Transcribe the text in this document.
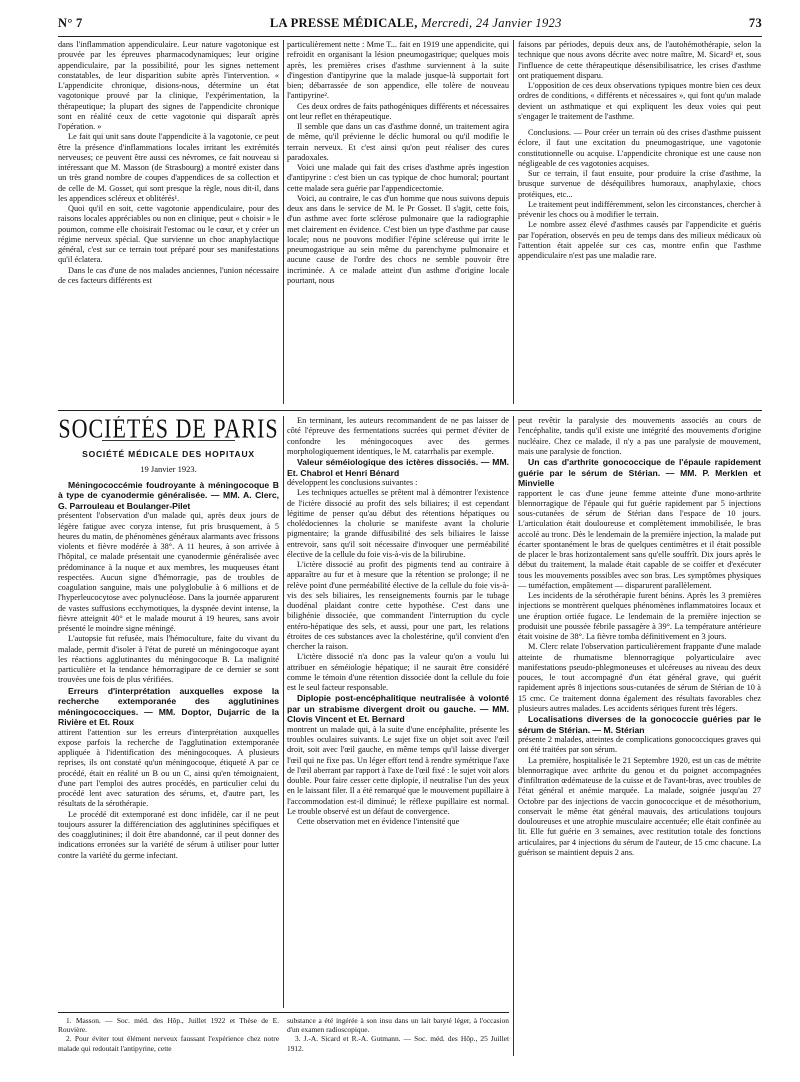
N° 7	LA PRESSE MÉDICALE, Mercredi, 24 Janvier 1923	73

dans l'inflammation appendiculaire. Leur nature vagotonique est prouvée par les épreuves pharmacodynamiques; leur origine appendiculaire, par la possibilité, pour les signes nettement constatables, de leur disparition subite après l'intervention. « L'appendicite chronique, disions-nous, détermine un état vagotonique prouvé par la clinique, l'expérimentation, la thérapeutique; la plupart des signes de l'appendicite chronique sont en réalité ceux de cette vagotonie qui disparaît après l'opération. »

Le fait qui unit sans doute l'appendicite à la vagotonie, ce peut être la présence d'inflammations locales irritant les extrémités nerveuses; ce peuvent être aussi ces névromes, ce fait nouveau si intéressant que M. Masson (de Strasbourg) a montré exister dans un très grand nombre de coupes d'appendices de sa collection et de celle de M. Gosset, qui sont presque la règle, nous dit-il, dans les appendices scléreux et oblitérés¹.

Quoi qu'il en soit, cette vagotonie appendiculaire, pour des raisons locales appréciables ou non en clinique, peut « choisir » le poumon, comme elle choisirait l'estomac ou le cœur, et y créer un régime nerveux spécial. Que survienne un choc anaphylactique général, c'est sur ce terrain tout préparé pour ses manifestations qu'il éclatera.

Dans le cas d'une de nos malades anciennes, l'union nécessaire de ces facteurs différents est

particulièrement nette : Mme T... fait en 1919 une appendicite, qui refroidit en organisant la lésion pneumogastrique; quelques mois après, les premières crises d'asthme surviennent à la suite d'ingestion d'antipyrine que la malade jusque-là supportait fort bien; débarrassée de son appendice, elle tolère de nouveau l'antipyrine².

Ces deux ordres de faits pathogéniques différents et nécessaires ont leur reflet en thérapeutique.

Il semble que dans un cas d'asthme donné, un traitement agira de même, qu'il prévienne le déclic humoral ou qu'il modifie le terrain nerveux. Et c'est ainsi qu'on peut réaliser des cures paradoxales.

Voici une malade qui fait des crises d'asthme après ingestion d'antipyrine : c'est bien un cas typique de choc humoral; pourtant cette malade sera guérie par l'appendicectomie.

Voici, au contraire, le cas d'un homme que nous suivons depuis deux ans dans le service de M. le Pr Gosset. Il s'agit, cette fois, d'un asthme avec forte sclérose pulmonaire que la radiographie met clairement en évidence. C'est bien un type d'asthme par cause locale; nous ne pouvons modifier l'épine scléreuse qui irrite le pneumogastrique au sein même du parenchyme pulmonaire et aucune cause de l'ordre des chocs ne semble pouvoir être incriminée. A ce malade atteint d'un asthme d'origine locale pourtant, nous

faisons par périodes, depuis deux ans, de l'autohémothérapie, selon la technique que nous avons décrite avec notre maître, M. Sicard³ et, sous l'influence de cette thérapeutique désensibilisatrice, les crises d'asthme ont pratiquement disparu.

L'opposition de ces deux observations typiques montre bien ces deux ordres de conditions, « différents et nécessaires », qui font qu'un malade devient un asthmatique et qui expliquent les deux voies qui peut s'engager le traitement de l'asthme.

Conclusions. — Pour créer un terrain où des crises d'asthme puissent éclore, il faut une excitation du pneumogastrique, une vagotonie constitutionnelle ou acquise. L'appendicite chronique est une cause non négligeable de ces vagotonies acquises.

Sur ce terrain, il faut ensuite, pour produire la crise d'asthme, la brusque survenue de déséquilibres humoraux, anaphylaxie, chocs protéiques, etc...

Le traitement peut indifféremment, selon les circonstances, chercher à prévenir les chocs ou à modifier le terrain.

Le nombre assez élevé d'asthmes causés par l'appendicite et guéris par l'opération, observés en peu de temps dans des milieux médicaux où l'attention était appelée sur ces cas, montre enfin que l'asthme appendiculaire n'est pas une maladie rare.

SOCIÉTÉS DE PARIS
SOCIÉTÉ MÉDICALE DES HOPITAUX
19 Janvier 1923.

Méningococcémie foudroyante à méningocoque B à type de cyanodermie généralisée. — MM. A. Clerc, G. Parrouleau et Boulanger-Pilet

présentent l'observation d'un malade qui, après deux jours de légère fatigue avec coryza intense, fut pris brusquement, à 5 heures du matin, de phénomènes généraux alarmants avec frissons violents et fièvre modérée à 38°. A 11 heures, à son arrivée à l'hôpital, ce malade présentait une cyanodermie généralisée avec prédominance à la nuque et aux membres, les muqueuses étant respectées. Aucun signe d'hémorragie, pas de troubles de coagulation sanguine, mais une polyglobulie à 6 millions et de l'hyperleucocytose avec polynucléose. Dans la journée apparurent de vastes suffusions ecchymotiques, la dyspnée devint intense, la fièvre atteignit 40° et le malade mourut à 19 heures, sans avoir présenté le moindre signe méningé.

L'autopsie fut refusée, mais l'hémoculture, faite du vivant du malade, permit d'isoler à l'état de pureté un méningocoque ayant les réactions agglutinantes du méningocoque B. La malignité particulière et la tendance hémorragipare de ce dernier se sont trouvées une fois de plus vérifiées.

Erreurs d'interprétation auxquelles expose la recherche extemporanée des agglutinines méningococciques. — MM. Doptor, Dujarric de la Rivière et Et. Roux

attirent l'attention sur les erreurs d'interprétation auxquelles expose parfois la recherche de l'agglutination extemporanée appliquée à l'identification des méningocoques. A plusieurs reprises, ils ont constaté qu'un méningocoque, étiqueté A par ce procédé, était en réalité un B ou un C, ainsi qu'en témoignaient, d'une part l'emploi des autres procédés, en particulier celui du procédé lent avec saturation des sérums, et, d'autre part, les résultats de la sérothérapie.

Le procédé dit extemporané est donc infidèle, car il ne peut toujours assurer la différenciation des agglutinines spécifiques et des coagglutinines; il doit être abandonné, car il peut donner des indications erronées sur la variété de sérum à utiliser pour lutter contre la variété du germe infectant.

En terminant, les auteurs recommandent de ne pas laisser de côté l'épreuve des fermentations sucrées qui permet d'éviter de confondre les méningocoques avec des germes morphologiquement identiques, le M. catarrhalis par exemple.

Valeur séméiologique des ictères dissociés. — MM. Et. Chabrol et Henri Bénard

développent les conclusions suivantes :

Les techniques actuelles se prêtent mal à démontrer l'existence de l'ictère dissocié au profit des sels biliaires; il est cependant légitime de penser qu'au début des rétentions hépatiques ou cholédociennes la cholurie se manifeste avant la cholurie pigmentaire; la grande diffusibilité des sels biliaires le laisse entrevoir, sans qu'il soit nécessaire d'invoquer une perméabilité élective de la cellule du foie vis-à-vis de la bilirubine.

L'ictère dissocié au profit des pigments tend au contraire à apparaître au fur et à mesure que la rétention se prolonge; il ne relève point d'une perméabilité élective de la cellule du foie vis-à-vis des sels biliaires, les renseignements fournis par le tubage duodénal plaidant contre cette hypothèse. C'est dans une bilighénie dissociée, que commandent l'interruption du cycle entéro-hépatique des sels, et aussi, pour une part, les relations étroites de ces substances avec la cholestérine, qu'il convient d'en chercher la raison.

L'ictère dissocié n'a donc pas la valeur qu'on a voulu lui attribuer en séméiologie hépatique; il ne saurait être considéré comme le témoin d'une rétention dissociée dont la cellule du foie est le seul facteur responsable.

Diplopie post-encéphalitique neutralisée à volonté par un strabisme divergent droit ou gauche. — MM. Clovis Vincent et Et. Bernard

montrent un malade qui, à la suite d'une encéphalite, présente les troubles oculaires suivants. Le sujet fixe un objet soit avec l'œil droit, soit avec l'œil gauche, en même temps qu'il laisse diverger l'œil qui ne fixe pas. Un léger effort tend à rendre symétrique l'axe de l'œil aberrant par rapport à l'axe de l'œil fixé : le sujet voit alors double. Pour faire cesser cette diplopie, il neutralise l'un des yeux en le laissant filer. Il a été remarqué que le mouvement pupillaire à l'accommodation est-il diminué; le réflexe pupillaire est normal. Le trouble observé est un défaut de convergence.

Cette observation met en évidence l'intensité que

peut revêtir la paralysie des mouvements associés au cours de l'encéphalite, tandis qu'il existe une intégrité des mouvements d'origine nucléaire. Chez ce malade, il n'y a pas une paralysie de mouvement, mais une paralysie de fonction.

Un cas d'arthrite gonococcique de l'épaule rapidement guérie par le sérum de Stérian. — MM. P. Merklen et Minvielle

rapportent le cas d'une jeune femme atteinte d'une mono-arthrite blennorragique de l'épaule qui fut guérie rapidement par 5 injections sous-cutanées de sérum de Stérian dans l'espace de 10 jours. L'articulation était douloureuse et complètement immobilisée, le bras accolé au tronc. Dès le lendemain de la première injection, la malade put écarter spontanément le bras de quelques centimètres et il était possible de placer le bras horizontalement sans qu'elle souffrît. Dix jours après le début du traitement, la malade était capable de se coiffer et d'exécuter tous les mouvements possibles avec son bras. Les symptômes physiques — tuméfaction, empâtement — disparurent parallèlement.

Les incidents de la sérothérapie furent bénins. Après les 3 premières injections se montrèrent quelques phénomènes inflammatoires locaux et une éruption ortiée fugace. Le lendemain de la première injection se produisit une poussée fébrile passagère à 39°. La température antérieure était voisine de 38°. La fièvre tomba définitivement en 3 jours.

M. Clerc relate l'observation particulièrement frappante d'une malade atteinte de rhumatisme blennorragique polyarticulaire avec manifestations pseudo-phlegmoneuses et ulcéreuses au niveau des deux pouces, le tout accompagné d'un état général grave, qui guérit rapidement après 8 injections sous-cutanées de sérum de Stérian de 10 à 15 cmc. Ce traitement donna également des résultats favorables chez plusieurs autres malades. Les accidents sériques furent très légers.

Localisations diverses de la gonococcie guéries par le sérum de Stérian. — M. Stérian

présente 2 malades, atteintes de complications gonococciques graves qui ont été traitées par son sérum.

La première, hospitalisée le 21 Septembre 1920, est un cas de métrite blennorragique avec arthrite du genou et du poignet accompagnées d'infiltration œdémateuse de la cuisse et de l'avant-bras, avec troubles de l'état général et anémie marquée. La malade, soignée jusqu'au 27 Octobre par des injections de vaccin gonococcique et de mésothorium, conservait le même état général mauvais, des articulations toujours douloureuses et une atrophie musculaire accentuée; elle était confinée au lit. Elle fut guérie en 3 semaines, avec restitution totale des fonctions articulaires, par 4 injections du sérum de l'auteur, de 15 cmc chacune. La guérison se maintient depuis 2 ans.

1. Masson. — Soc. méd. des Hôp., Juillet 1922 et Thèse de E. Rouvière.

2. Pour éviter tout élément nerveux faussant l'expérience chez notre malade qui redoutait l'antipyrine, cette

substance a été ingérée à son insu dans un lait baryté léger, à l'occasion d'un examen radioscopique.

3. J.-A. Sicard et R.-A. Gutmann. — Soc. méd. des Hôp., 25 Juillet 1912.
